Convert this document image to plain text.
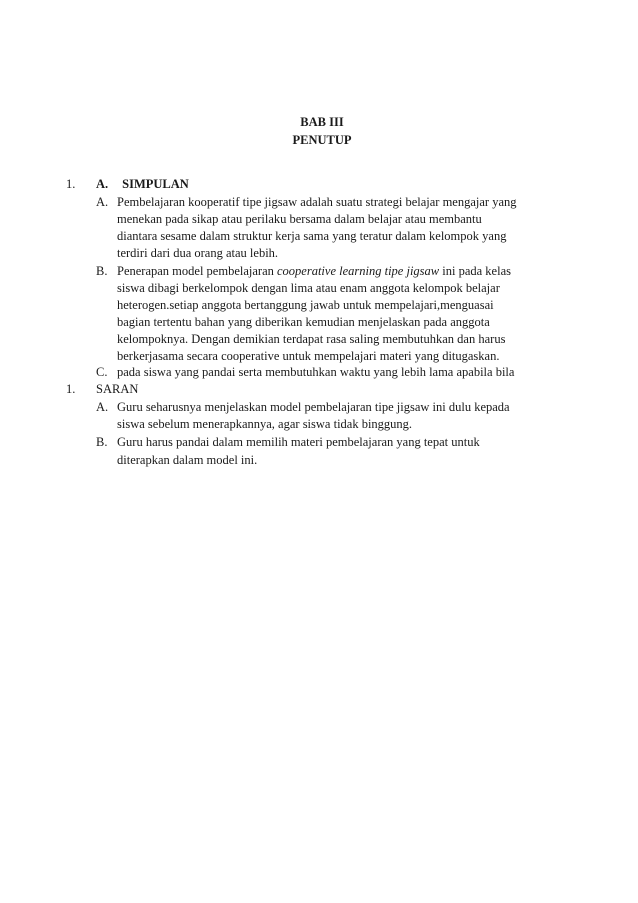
BAB III
PENUTUP
1. A. SIMPULAN
A. Pembelajaran kooperatif tipe jigsaw adalah suatu strategi belajar mengajar yang
menekan pada sikap atau perilaku bersama dalam belajar atau membantu
diantara sesame dalam struktur kerja sama yang teratur dalam kelompok yang
terdiri dari dua orang atau lebih.
B. Penerapan model pembelajaran cooperative learning tipe jigsaw ini pada kelas
siswa dibagi berkelompok dengan lima atau enam anggota kelompok belajar
heterogen.setiap anggota bertanggung jawab untuk mempelajari,menguasai
bagian tertentu bahan yang diberikan kemudian menjelaskan pada anggota
kelompoknya. Dengan demikian terdapat rasa saling membutuhkan dan harus
berkerjasama secara cooperative untuk mempelajari materi yang ditugaskan.
C. pada siswa yang pandai serta membutuhkan waktu yang lebih lama apabila bila
1. SARAN
A. Guru seharusnya menjelaskan model pembelajaran tipe jigsaw ini dulu kepada
siswa sebelum menerapkannya, agar siswa tidak binggung.
B. Guru harus pandai dalam memilih materi pembelajaran yang tepat untuk
diterapkan dalam model ini.
